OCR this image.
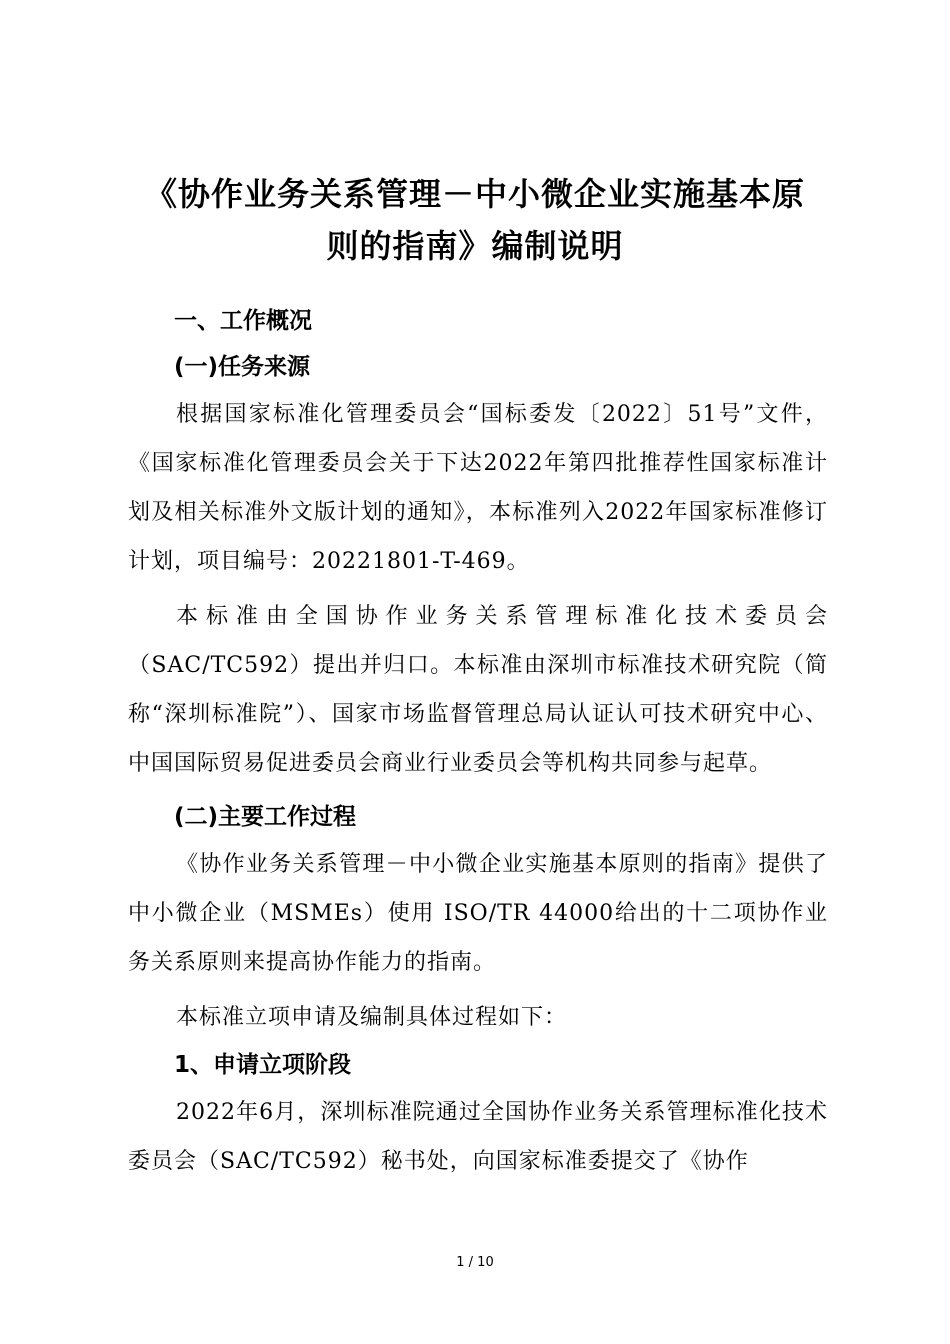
《协作业务关系管理－中小微企业实施基本原
则的指南》编制说明

一、工作概况

(一)任务来源

根据国家标准化管理委员会“国标委发〔2022〕51号”文件，《国家标准化管理委员会关于下达2022年第四批推荐性国家标准计划及相关标准外文版计划的通知》，本标准列入2022年国家标准修订计划，项目编号：20221801-T-469。

本标准由全国协作业务关系管理标准化技术委员会（SAC/TC592）提出并归口。本标准由深圳市标准技术研究院（简称“深圳标准院”）、国家市场监督管理总局认证认可技术研究中心、中国国际贸易促进委员会商业行业委员会等机构共同参与起草。

(二)主要工作过程

《协作业务关系管理－中小微企业实施基本原则的指南》提供了中小微企业（MSMEs）使用 ISO/TR 44000给出的十二项协作业务关系原则来提高协作能力的指南。

本标准立项申请及编制具体过程如下：

1、申请立项阶段

2022年6月，深圳标准院通过全国协作业务关系管理标准化技术委员会（SAC/TC592）秘书处，向国家标准委提交了《协作

1 / 10
